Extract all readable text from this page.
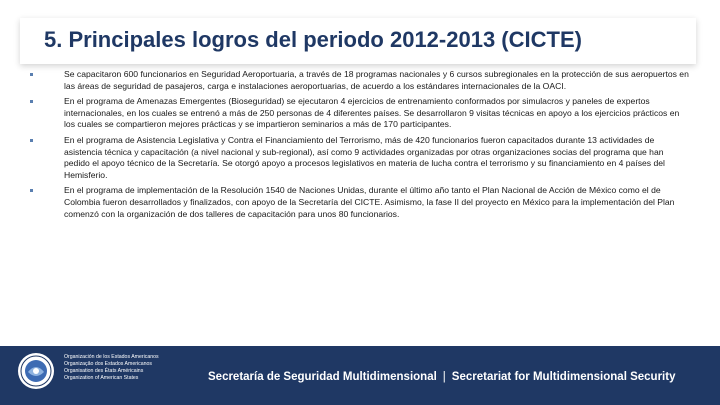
5. Principales logros del periodo 2012-2013 (CICTE)
Se capacitaron 600 funcionarios en Seguridad Aeroportuaria, a través de 18 programas nacionales y 6 cursos subregionales en la protección de sus aeropuertos en las áreas de seguridad de pasajeros, carga e instalaciones aeroportuarias, de acuerdo a los estándares internacionales de la OACI.
En el programa de Amenazas Emergentes (Bioseguridad) se ejecutaron 4 ejercicios de entrenamiento conformados por simulacros y paneles de expertos internacionales, en los cuales se entrenó a más de 250 personas de 4 diferentes países. Se desarrollaron 9 visitas técnicas en apoyo a los ejercicios prácticos en los cuales se compartieron mejores prácticas y se impartieron seminarios a más de 170 participantes.
En el programa de Asistencia Legislativa y Contra el Financiamiento del Terrorismo, más de 420 funcionarios fueron capacitados durante 13 actividades de asistencia técnica y capacitación (a nivel nacional y sub-regional), así como 9 actividades organizadas por otras organizaciones socias del programa que han pedido el apoyo técnico de la Secretaría. Se otorgó apoyo a procesos legislativos en materia de lucha contra el terrorismo y su financiamiento en 4 países del Hemisferio.
En el programa de implementación de la Resolución 1540 de Naciones Unidas, durante el último año tanto el Plan Nacional de Acción de México como el de Colombia fueron desarrollados y finalizados, con apoyo de la Secretaría del CICTE. Asimismo, la fase II del proyecto en México para la implementación del Plan comenzó con la organización de dos talleres de capacitación para unos 80 funcionarios.
Organización de los Estados Americanos
Organização dos Estados Americanos
Organisation des États Américains
Organization of American States	Secretaría de Seguridad Multidimensional | Secretariat for Multidimensional Security
